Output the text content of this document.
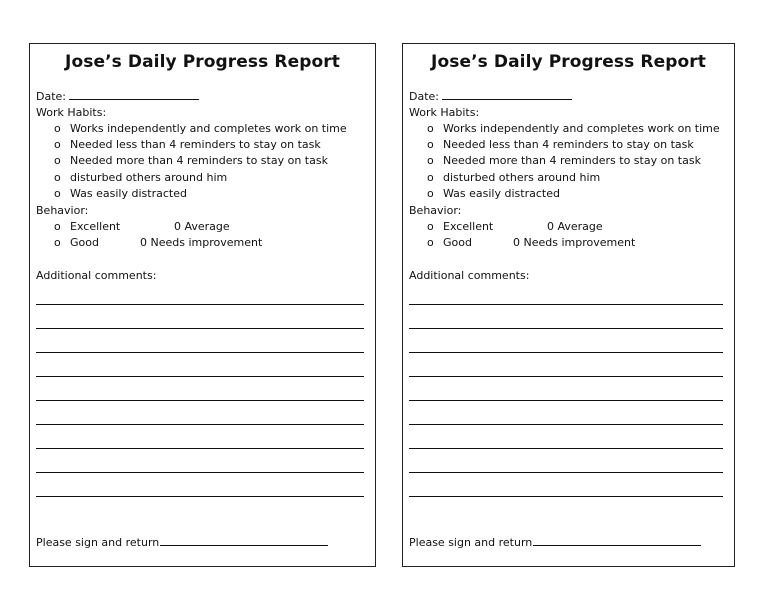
Jose’s Daily Progress Report
Date:
Work Habits:
o Works independently and completes work on time
o Needed less than 4 reminders to stay on task
o Needed more than 4 reminders to stay on task
o disturbed others around him
o Was easily distracted
Behavior:
o Excellent	0 Average
o Good	0 Needs improvement
Additional comments:
Please sign and return
Jose’s Daily Progress Report
Date:
Work Habits:
o Works independently and completes work on time
o Needed less than 4 reminders to stay on task
o Needed more than 4 reminders to stay on task
o disturbed others around him
o Was easily distracted
Behavior:
o Excellent	0 Average
o Good	0 Needs improvement
Additional comments:
Please sign and return
